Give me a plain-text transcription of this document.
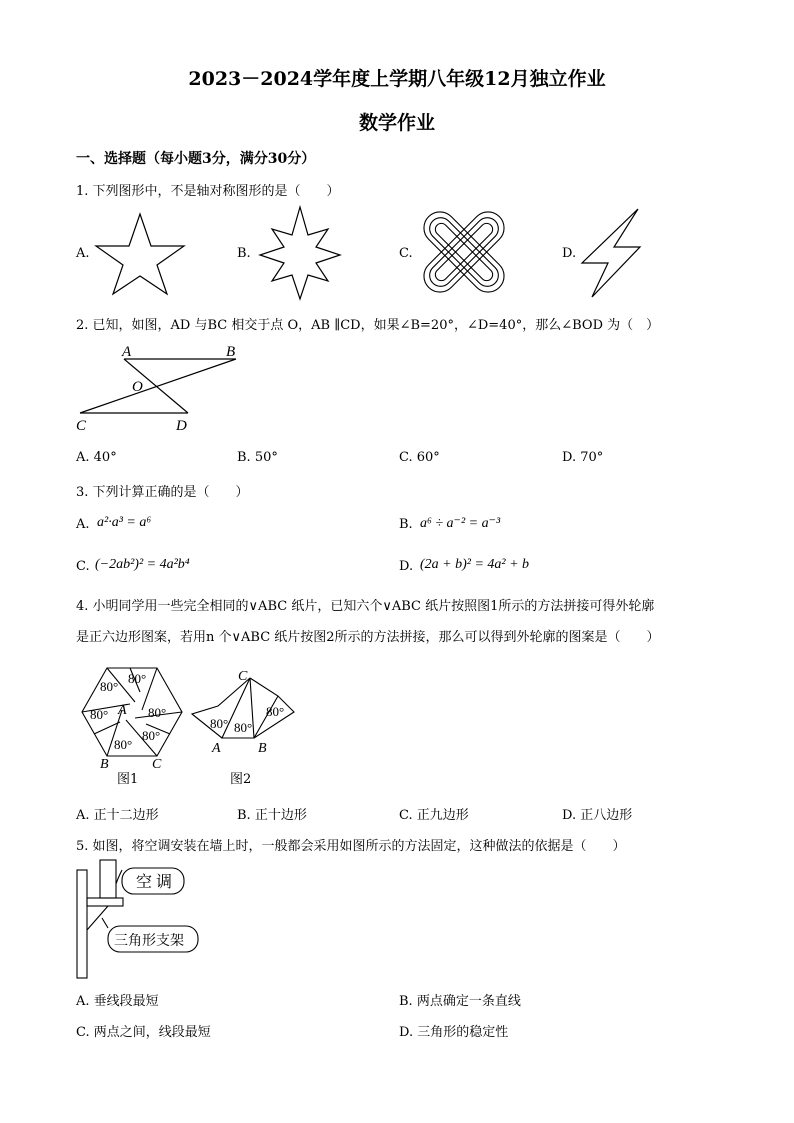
2023－2024学年度上学期八年级12月独立作业
数学作业
一、选择题（每小题3分，满分30分）
1. 下列图形中，不是轴对称图形的是（　　）
A.	B.	C.	D.
2. 已知，如图，AD 与BC 相交于点 O，AB ∥CD，如果∠B=20°，∠D=40°，那么∠BOD 为（　）
A	B
O
C	D
A. 40°	B. 50°	C. 60°	D. 70°
3. 下列计算正确的是（　　）
A. a²·a³ = a⁶	B. a⁶ ÷ a⁻² = a⁻³
C. (−2ab²)² = 4a²b⁴	D. (2a + b)² = 4a² + b
4. 小明同学用一些完全相同的∨ABC 纸片，已知六个∨ABC 纸片按照图1所示的方法拼接可得外轮廓
是正六边形图案，若用n 个∨ABC 纸片按图2所示的方法拼接，那么可以得到外轮廓的图案是（　　）
80°
80°
80°	80°
80°
80°
A
B	C
图1
C
80° 80°
80°
A	B
图2
A. 正十二边形	B. 正十边形	C. 正九边形	D. 正八边形
5. 如图，将空调安装在墙上时，一般都会采用如图所示的方法固定，这种做法的依据是（　　）
空 调
三角形支架
A. 垂线段最短	B. 两点确定一条直线
C. 两点之间，线段最短	D. 三角形的稳定性
